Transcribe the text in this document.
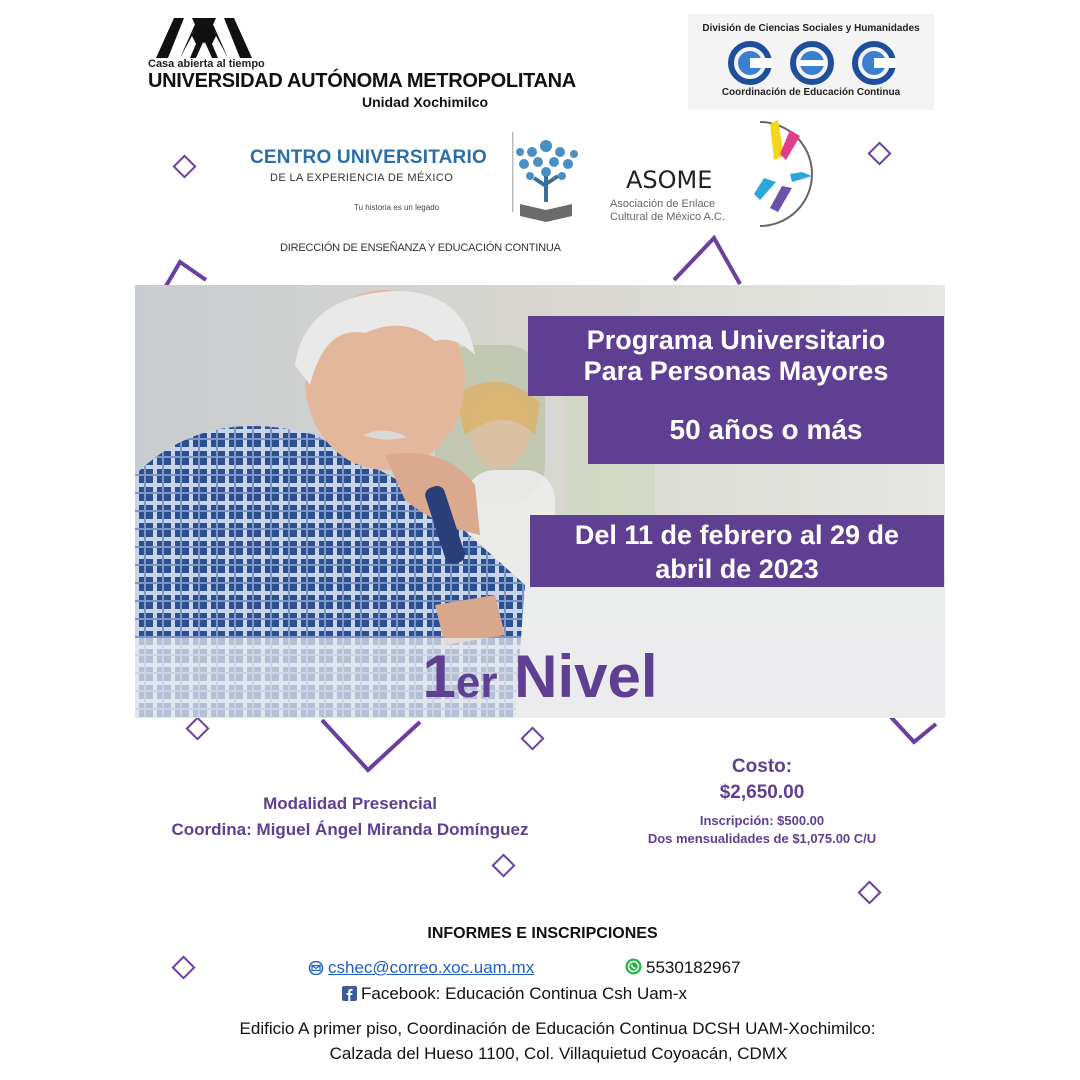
Casa abierta al tiempo
UNIVERSIDAD AUTÓNOMA METROPOLITANA
Unidad Xochimilco
División de Ciencias Sociales y Humanidades
Coordinación de Educación Continua
CENTRO UNIVERSITARIO
DE LA EXPERIENCIA DE MÉXICO
Tu historia es un legado
DIRECCIÓN DE ENSEÑANZA Y EDUCACIÓN CONTINUA
ASOME
Asociación de Enlace
Cultural de México A.C.
Programa Universitario
Para Personas Mayores
50 años o más
Del 11 de febrero al 29 de
abril de 2023
1er Nivel
Modalidad Presencial
Coordina: Miguel Ángel Miranda Domínguez
Costo:
$2,650.00
Inscripción: $500.00
Dos mensualidades de $1,075.00 C/U
INFORMES E INSCRIPCIONES
cshec@correo.xoc.uam.mx	5530182967
Facebook: Educación Continua Csh Uam-x
Edificio A primer piso, Coordinación de Educación Continua DCSH UAM-Xochimilco:
Calzada del Hueso 1100, Col. Villaquietud Coyoacán, CDMX
